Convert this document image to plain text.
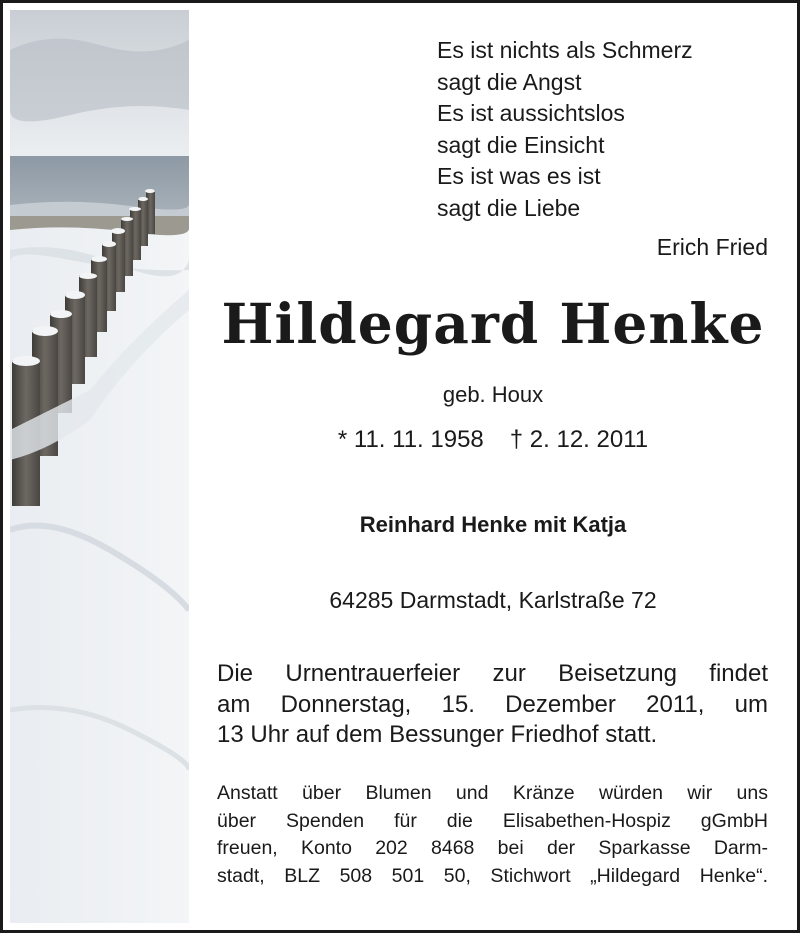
Es ist nichts als Schmerz
sagt die Angst
Es ist aussichtslos
sagt die Einsicht
Es ist was es ist
sagt die Liebe
Erich Fried
Hildegard Henke
geb. Houx
* 11. 11. 1958 † 2. 12. 2011
Reinhard Henke mit Katja
64285 Darmstadt, Karlstraße 72
Die Urnentrauerfeier zur Beisetzung findet
am Donnerstag, 15. Dezember 2011, um
13 Uhr auf dem Bessunger Friedhof statt.
Anstatt über Blumen und Kränze würden wir uns
über Spenden für die Elisabethen-Hospiz gGmbH
freuen, Konto 202 8468 bei der Sparkasse Darm-
stadt, BLZ 508 501 50, Stichwort „Hildegard Henke“.
